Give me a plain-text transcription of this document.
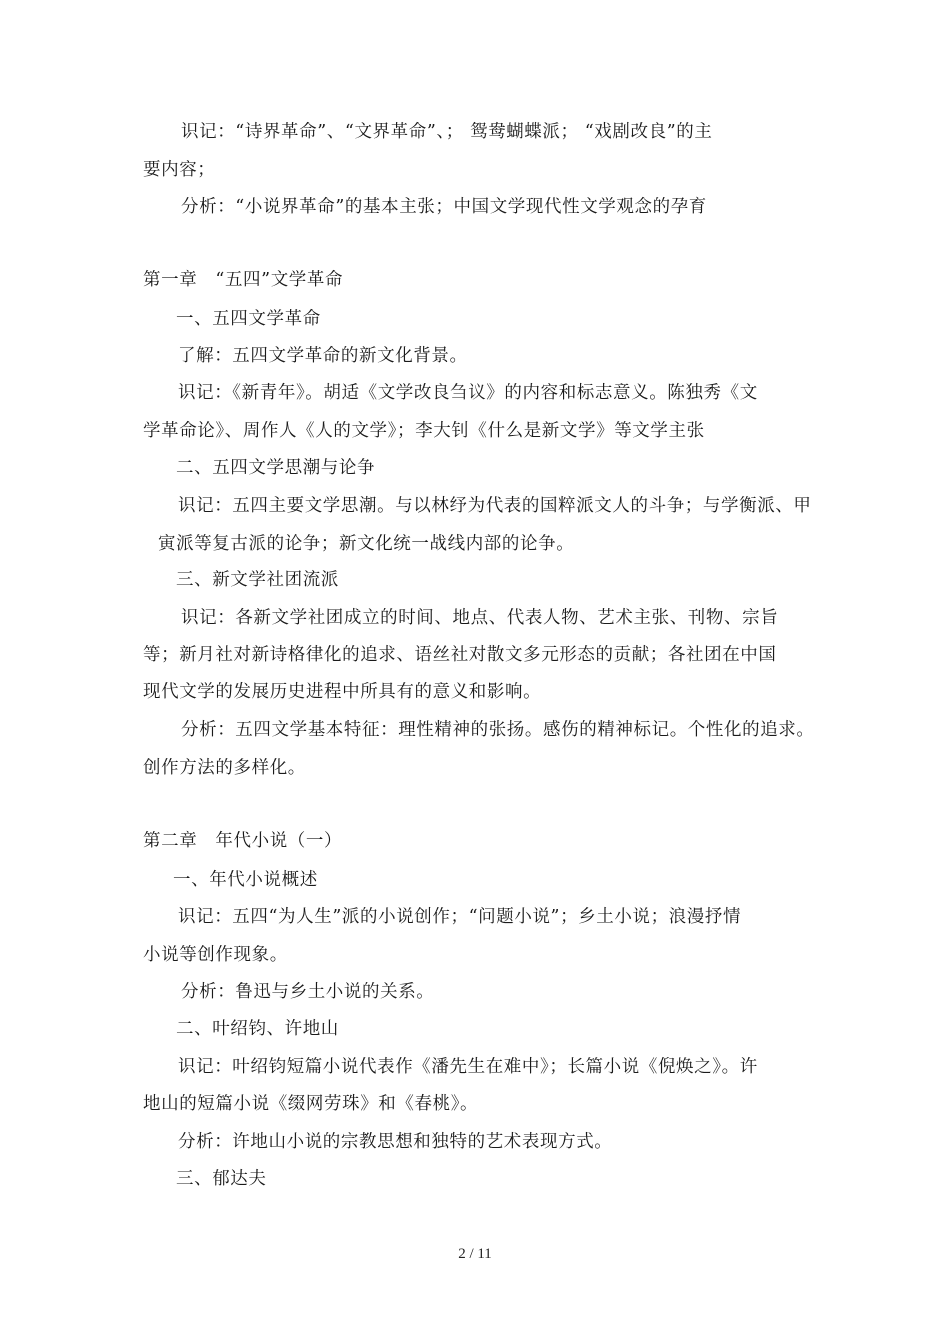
识记：“诗界革命”、“文界革命”、； 鸳鸯蝴蝶派； “戏剧改良”的主
要内容；
分析：“小说界革命”的基本主张；中国文学现代性文学观念的孕育
第一章　“五四”文学革命
一、五四文学革命
了解：五四文学革命的新文化背景。
识记：《新青年》。胡适《文学改良刍议》的内容和标志意义。陈独秀《文
学革命论》、周作人《人的文学》；李大钊《什么是新文学》等文学主张
二、五四文学思潮与论争
识记：五四主要文学思潮。与以林纾为代表的国粹派文人的斗争；与学衡派、甲
寅派等复古派的论争；新文化统一战线内部的论争。
三、新文学社团流派
识记：各新文学社团成立的时间、地点、代表人物、艺术主张、刊物、宗旨
等；新月社对新诗格律化的追求、语丝社对散文多元形态的贡献；各社团在中国
现代文学的发展历史进程中所具有的意义和影响。
分析：五四文学基本特征：理性精神的张扬。感伤的精神标记。个性化的追求。
创作方法的多样化。
第二章　年代小说（一）
一、年代小说概述
识记：五四“为人生”派的小说创作；“问题小说”；乡土小说；浪漫抒情
小说等创作现象。
分析：鲁迅与乡土小说的关系。
二、叶绍钧、许地山
识记：叶绍钧短篇小说代表作《潘先生在难中》；长篇小说《倪焕之》。许
地山的短篇小说《缀网劳珠》和《春桃》。
分析：许地山小说的宗教思想和独特的艺术表现方式。
三、郁达夫
2 / 11
